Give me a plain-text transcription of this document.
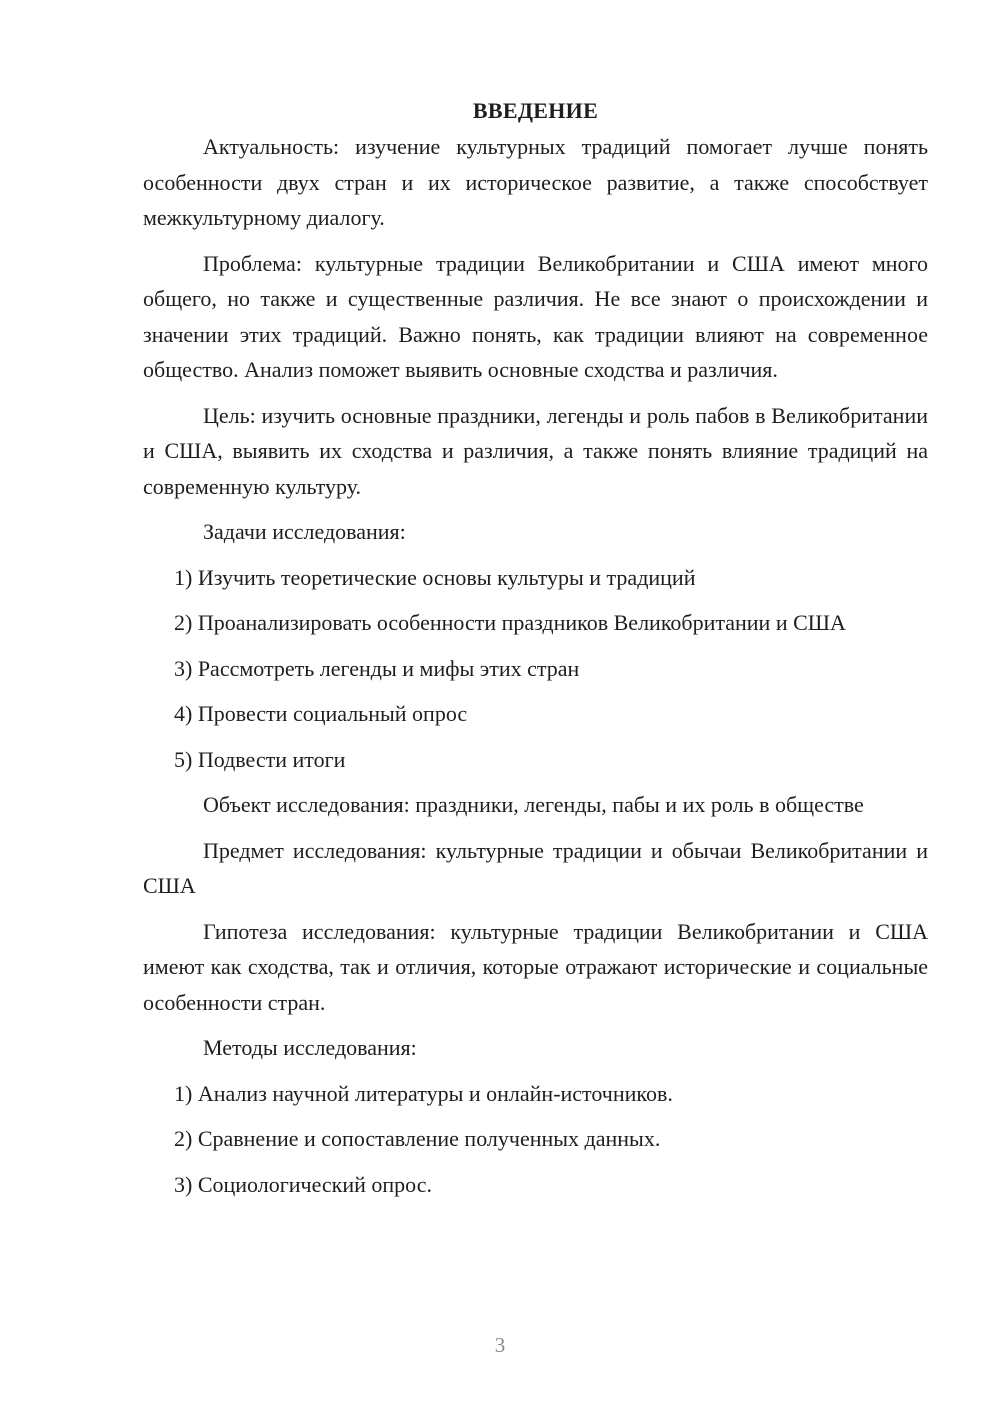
ВВЕДЕНИЕ

Актуальность: изучение культурных традиций помогает лучше понять особенности двух стран и их историческое развитие, а также способствует межкультурному диалогу.

Проблема: культурные традиции Великобритании и США имеют много общего, но также и существенные различия. Не все знают о происхождении и значении этих традиций. Важно понять, как традиции влияют на современное общество. Анализ поможет выявить основные сходства и различия.

Цель: изучить основные праздники, легенды и роль пабов в Великобритании и США, выявить их сходства и различия, а также понять влияние традиций на современную культуру.

Задачи исследования:

1) Изучить теоретические основы культуры и традиций
2) Проанализировать особенности праздников Великобритании и США
3) Рассмотреть легенды и мифы этих стран
4) Провести социальный опрос
5) Подвести итоги

Объект исследования: праздники, легенды, пабы и их роль в обществе

Предмет исследования: культурные традиции и обычаи Великобритании и США

Гипотеза исследования: культурные традиции Великобритании и США имеют как сходства, так и отличия, которые отражают исторические и социальные особенности стран.

Методы исследования:

1) Анализ научной литературы и онлайн-источников.
2) Сравнение и сопоставление полученных данных.
3) Социологический опрос.
3
